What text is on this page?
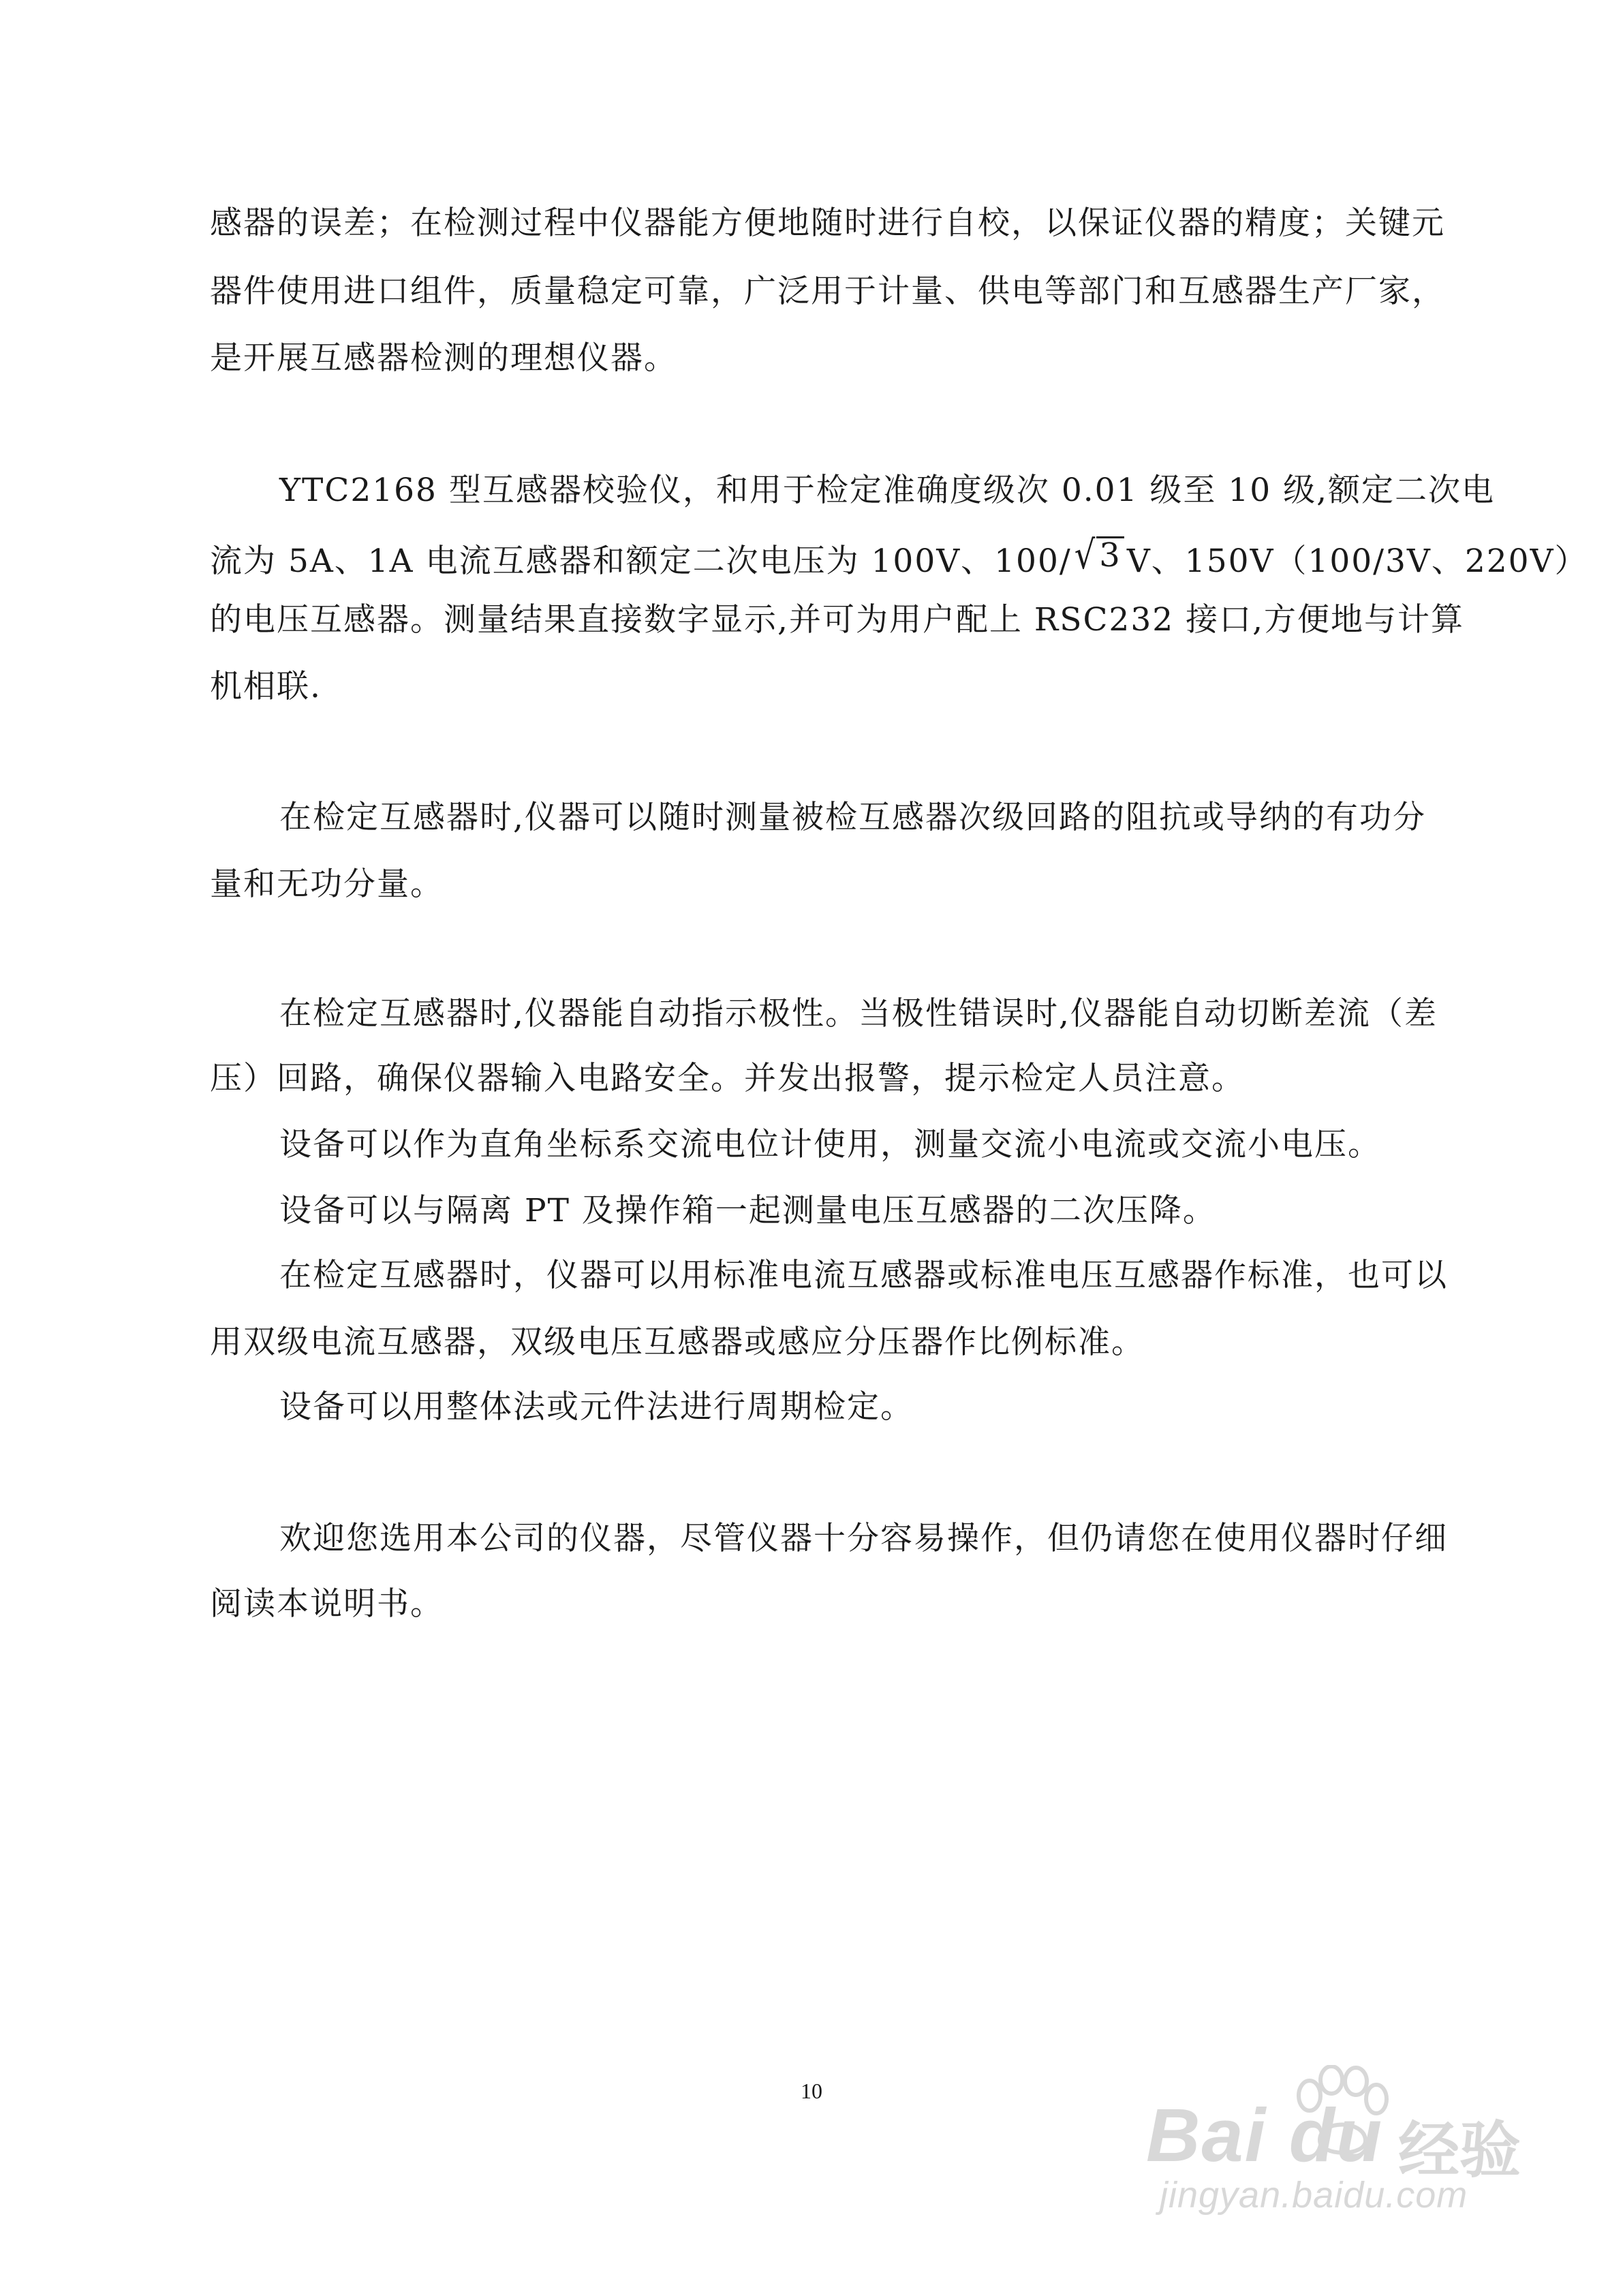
感器的误差；在检测过程中仪器能方便地随时进行自校，以保证仪器的精度；关键元
器件使用进口组件，质量稳定可靠，广泛用于计量、供电等部门和互感器生产厂家，
是开展互感器检测的理想仪器。
YTC2168 型互感器校验仪，和用于检定准确度级次 0.01 级至 10 级,额定二次电
流为 5A、1A 电流互感器和额定二次电压为 100V、100/√3 V、150V（100/3V、220V）
的电压互感器。测量结果直接数字显示,并可为用户配上 RSC232 接口,方便地与计算
机相联.
在检定互感器时,仪器可以随时测量被检互感器次级回路的阻抗或导纳的有功分
量和无功分量。
在检定互感器时,仪器能自动指示极性。当极性错误时,仪器能自动切断差流（差
压）回路，确保仪器输入电路安全。并发出报警，提示检定人员注意。
设备可以作为直角坐标系交流电位计使用，测量交流小电流或交流小电压。
设备可以与隔离 PT 及操作箱一起测量电压互感器的二次压降。
在检定互感器时，仪器可以用标准电流互感器或标准电压互感器作标准，也可以
用双级电流互感器，双级电压互感器或感应分压器作比例标准。
设备可以用整体法或元件法进行周期检定。
欢迎您选用本公司的仪器，尽管仪器十分容易操作，但仍请您在使用仪器时仔细
阅读本说明书。
10
Bai du 经验
jingyan.baidu.com
